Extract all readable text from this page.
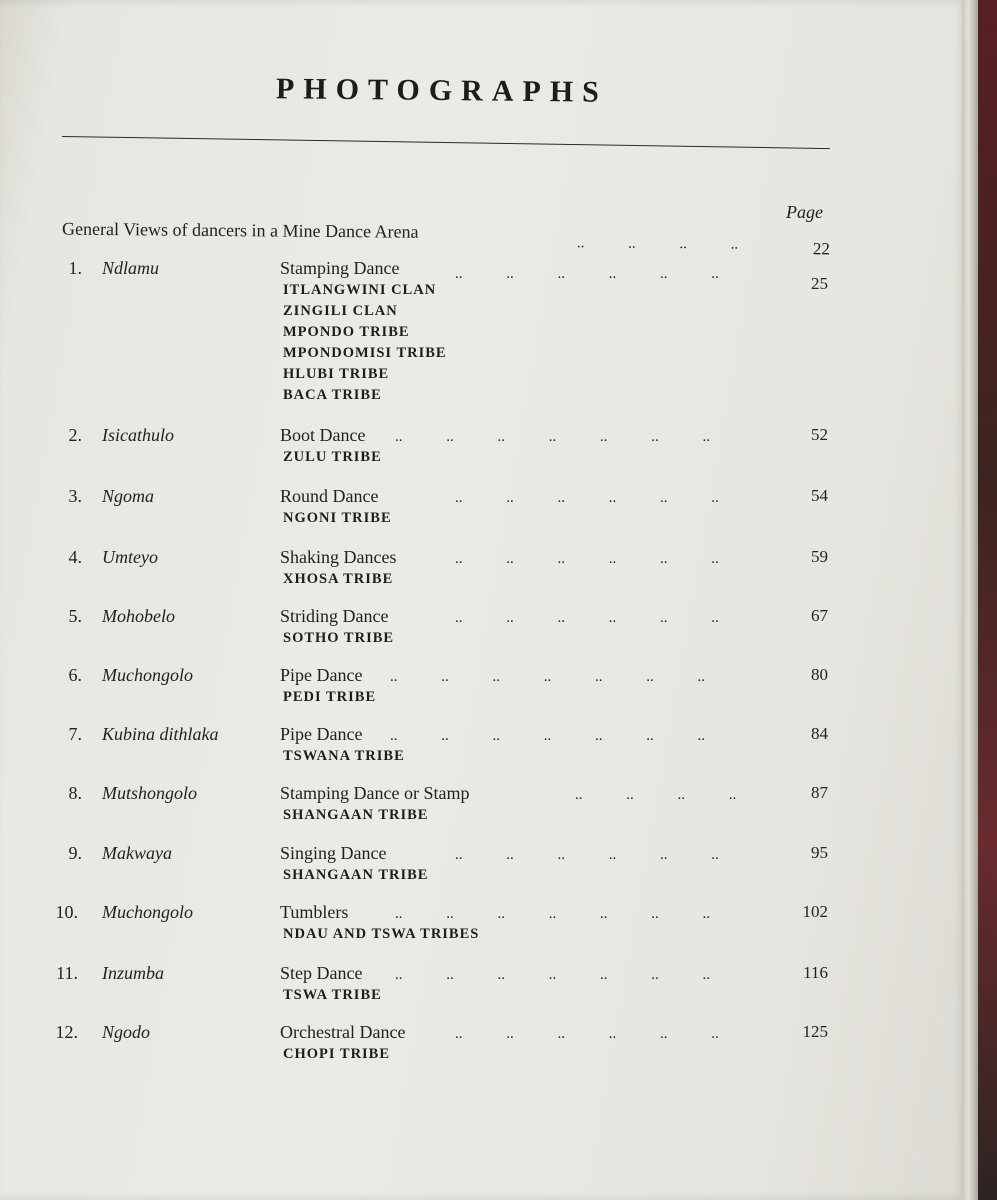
PHOTOGRAPHS

Page

General Views of dancers in a Mine Dance Arena
.. .. .. ..	22
1. Ndlamu	Stamping Dance	.. .. .. .. .. ..	25
ITLANGWINI CLAN
ZINGILI CLAN
MPONDO TRIBE
MPONDOMISI TRIBE
HLUBI TRIBE
BACA TRIBE
2. Isicathulo	Boot Dance .. .. .. .. .. .. ..	52
ZULU TRIBE
3. Ngoma	Round Dance	.. .. .. .. .. ..	54
NGONI TRIBE
4. Umteyo	Shaking Dances	.. .. .. .. .. ..	59
XHOSA TRIBE
5. Mohobelo	Striding Dance	.. .. .. .. .. ..	67
SOTHO TRIBE
6. Muchongolo	Pipe Dance .. .. .. .. .. .. ..	80
PEDI TRIBE
7. Kubina dithlaka	Pipe Dance .. .. .. .. .. .. ..	84
TSWANA TRIBE
8. Mutshongolo	Stamping Dance or Stamp	.. .. .. ..	87
SHANGAAN TRIBE
9. Makwaya	Singing Dance	.. .. .. .. .. ..	95
SHANGAAN TRIBE
10. Muchongolo	Tumblers	.. .. .. .. .. .. ..	102
NDAU AND TSWA TRIBES
11. Inzumba	Step Dance .. .. .. .. .. .. ..	116
TSWA TRIBE
12. Ngodo	Orchestral Dance	.. .. .. .. .. ..	125
CHOPI TRIBE
